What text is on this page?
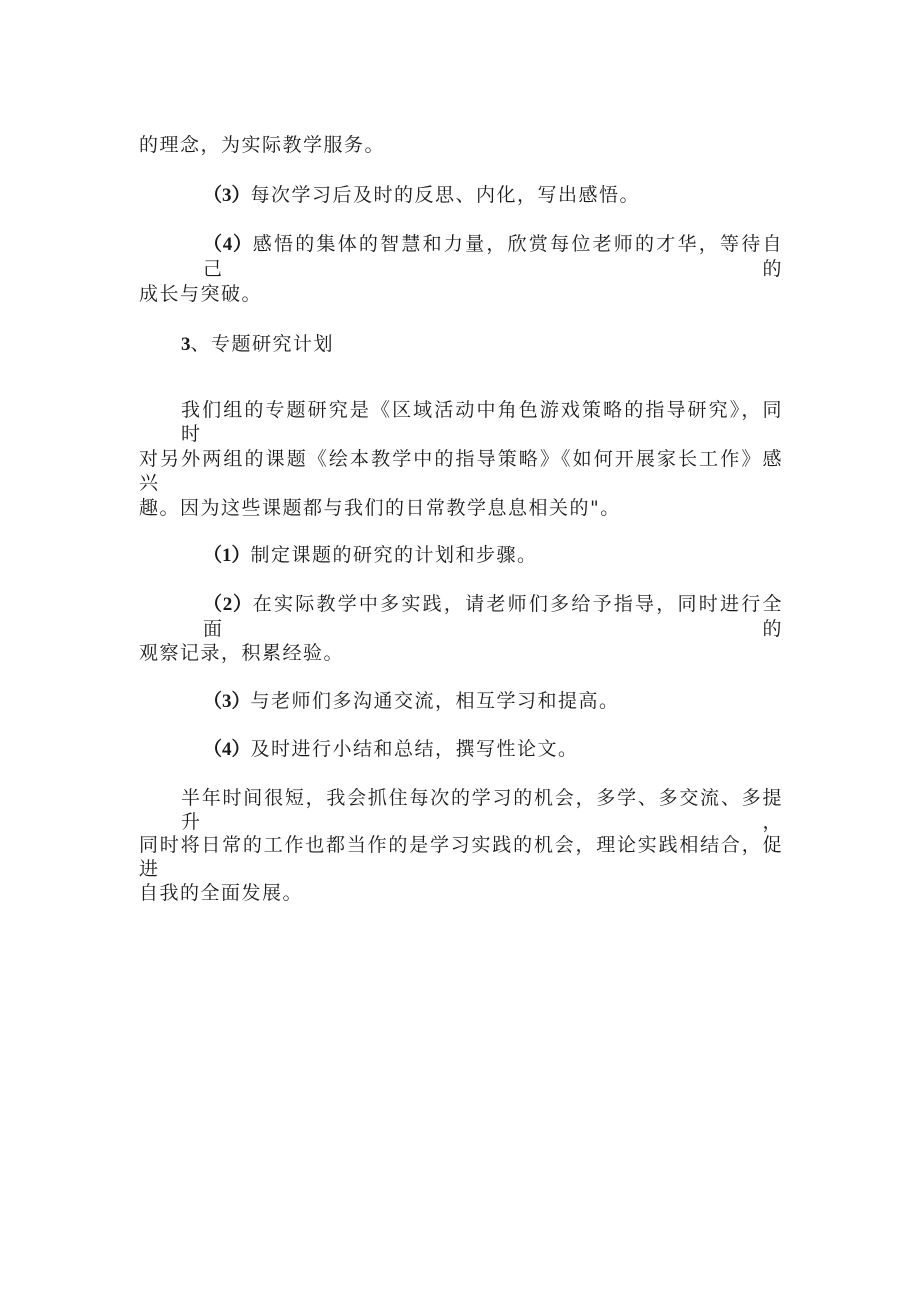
的理念，为实际教学服务。
（3）每次学习后及时的反思、内化，写出感悟。
（4）感悟的集体的智慧和力量，欣赏每位老师的才华，等待自己的
成长与突破。
3、专题研究计划
我们组的专题研究是《区域活动中角色游戏策略的指导研究》，同时
对另外两组的课题《绘本教学中的指导策略》《如何开展家长工作》感兴
趣。因为这些课题都与我们的日常教学息息相关的"。
（1）制定课题的研究的计划和步骤。
（2）在实际教学中多实践，请老师们多给予指导，同时进行全面的
观察记录，积累经验。
（3）与老师们多沟通交流，相互学习和提高。
（4）及时进行小结和总结，撰写性论文。
半年时间很短，我会抓住每次的学习的机会，多学、多交流、多提升，
同时将日常的工作也都当作的是学习实践的机会，理论实践相结合，促进
自我的全面发展。
